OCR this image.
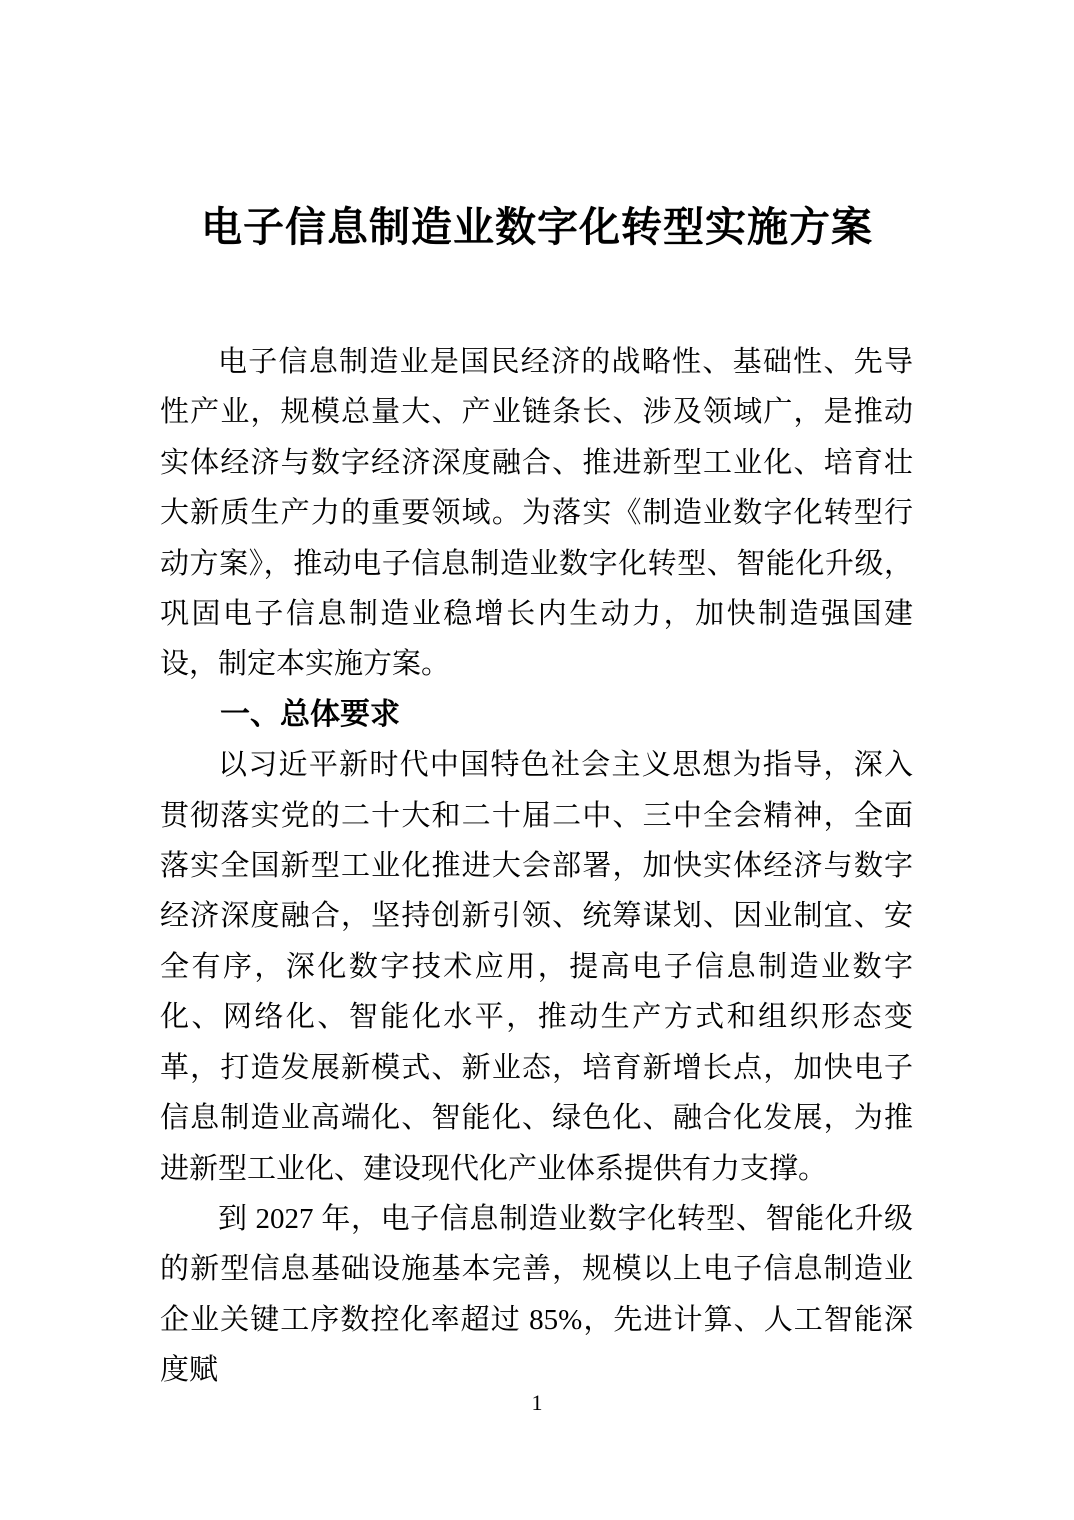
电子信息制造业数字化转型实施方案

电子信息制造业是国民经济的战略性、基础性、先导性产业，规模总量大、产业链条长、涉及领域广，是推动实体经济与数字经济深度融合、推进新型工业化、培育壮大新质生产力的重要领域。为落实《制造业数字化转型行动方案》，推动电子信息制造业数字化转型、智能化升级，巩固电子信息制造业稳增长内生动力，加快制造强国建设，制定本实施方案。

一、总体要求

以习近平新时代中国特色社会主义思想为指导，深入贯彻落实党的二十大和二十届二中、三中全会精神，全面落实全国新型工业化推进大会部署，加快实体经济与数字经济深度融合，坚持创新引领、统筹谋划、因业制宜、安全有序，深化数字技术应用，提高电子信息制造业数字化、网络化、智能化水平，推动生产方式和组织形态变革，打造发展新模式、新业态，培育新增长点，加快电子信息制造业高端化、智能化、绿色化、融合化发展，为推进新型工业化、建设现代化产业体系提供有力支撑。

到 2027 年，电子信息制造业数字化转型、智能化升级的新型信息基础设施基本完善，规模以上电子信息制造业企业关键工序数控化率超过 85%，先进计算、人工智能深度赋

1
